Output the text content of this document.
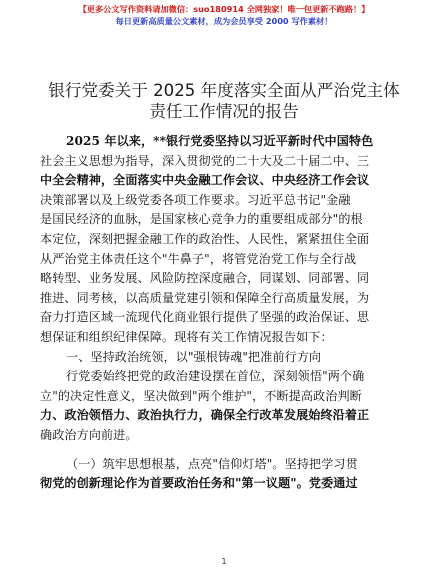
【更多公文写作资料请加微信：suo180914 全网独家！唯一包更新不跑路！】
每日更新高质量公文素材，成为会员享受 2000 写作素材！
银行党委关于 2025 年度落实全面从严治党主体
责任工作情况的报告
2025 年以来，**银行党委坚持以习近平新时代中国特色
社会主义思想为指导，深入贯彻党的二十大及二十届二中、三
中全会精神，全面落实中央金融工作会议、中央经济工作会议
决策部署以及上级党委各项工作要求。习近平总书记"金融
是国民经济的血脉，是国家核心竞争力的重要组成部分"的根
本定位，深刻把握金融工作的政治性、人民性，紧紧扭住全面
从严治党主体责任这个"牛鼻子"，将管党治党工作与全行战
略转型、业务发展、风险防控深度融合，同谋划、同部署、同
推进、同考核，以高质量党建引领和保障全行高质量发展，为
奋力打造区域一流现代化商业银行提供了坚强的政治保证、思
想保证和组织纪律保障。现将有关工作情况报告如下：
一、坚持政治统领，以"强根铸魂"把准前行方向
行党委始终把党的政治建设摆在首位，深刻领悟"两个确
立"的决定性意义，坚决做到"两个维护"，不断提高政治判断
力、政治领悟力、政治执行力，确保全行改革发展始终沿着正
确政治方向前进。
（一）筑牢思想根基，点亮"信仰灯塔"。坚持把学习贯
彻党的创新理论作为首要政治任务和"第一议题"。党委通过
1
